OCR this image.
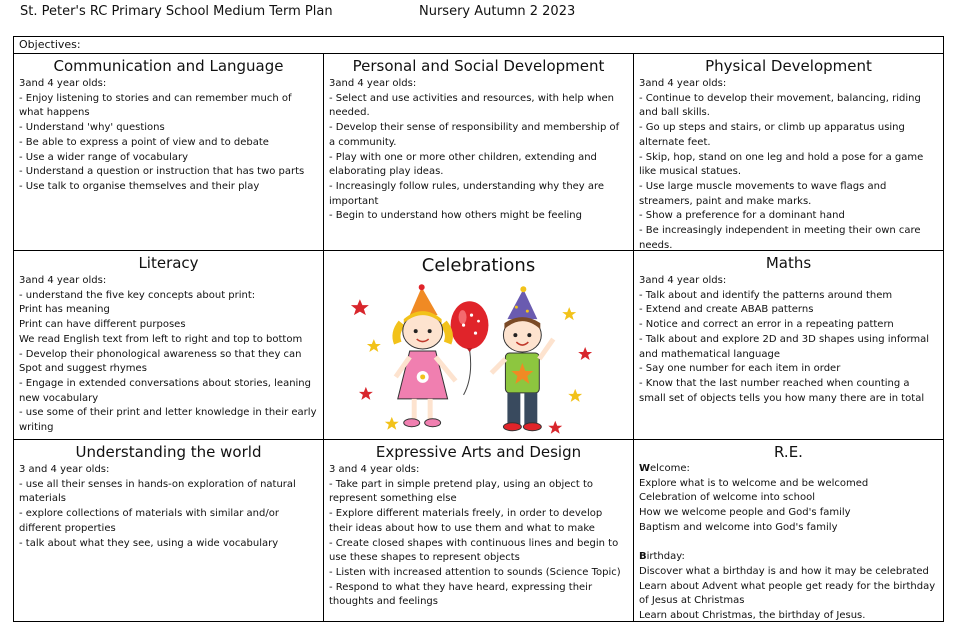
St. Peter's RC Primary School Medium Term Plan	Nursery Autumn 2 2023
Objectives:
Communication and Language
3and 4 year olds:
- Enjoy listening to stories and can remember much of what happens
- Understand 'why' questions
- Be able to express a point of view and to debate
- Use a wider range of vocabulary
- Understand a question or instruction that has two parts
- Use talk to organise themselves and their play
Personal and Social Development
3and 4 year olds:
- Select and use activities and resources, with help when needed.
- Develop their sense of responsibility and membership of a community.
- Play with one or more other children, extending and elaborating play ideas.
- Increasingly follow rules, understanding why they are important
- Begin to understand how others might be feeling
Physical Development
3and 4 year olds:
- Continue to develop their movement, balancing, riding and ball skills.
- Go up steps and stairs, or climb up apparatus using alternate feet.
- Skip, hop, stand on one leg and hold a pose for a game like musical statues.
- Use large muscle movements to wave flags and streamers, paint and make marks.
- Show a preference for a dominant hand
- Be increasingly independent in meeting their own care needs.
Literacy
3and 4 year olds:
- understand the five key concepts about print:
Print has meaning
Print can have different purposes
We read English text from left to right and top to bottom
- Develop their phonological awareness so that they can Spot and suggest rhymes
- Engage in extended conversations about stories, leaning new vocabulary
- use some of their print and letter knowledge in their early writing
Celebrations	Maths
3and 4 year olds:
- Talk about and identify the patterns around them
- Extend and create ABAB patterns
- Notice and correct an error in a repeating pattern
- Talk about and explore 2D and 3D shapes using informal and mathematical language
- Say one number for each item in order
- Know that the last number reached when counting a small set of objects tells you how many there are in total
Understanding the world
3 and 4 year olds:
- use all their senses in hands-on exploration of natural materials
- explore collections of materials with similar and/or different properties
- talk about what they see, using a wide vocabulary
Expressive Arts and Design
3 and 4 year olds:
- Take part in simple pretend play, using an object to represent something else
- Explore different materials freely, in order to develop their ideas about how to use them and what to make
- Create closed shapes with continuous lines and begin to use these shapes to represent objects
- Listen with increased attention to sounds (Science Topic)
- Respond to what they have heard, expressing their thoughts and feelings
R.E.
Welcome:
Explore what is to welcome and be welcomed
Celebration of welcome into school
How we welcome people and God's family
Baptism and welcome into God's family
Birthday:
Discover what a birthday is and how it may be celebrated
Learn about Advent what people get ready for the birthday of Jesus at Christmas
Learn about Christmas, the birthday of Jesus.
